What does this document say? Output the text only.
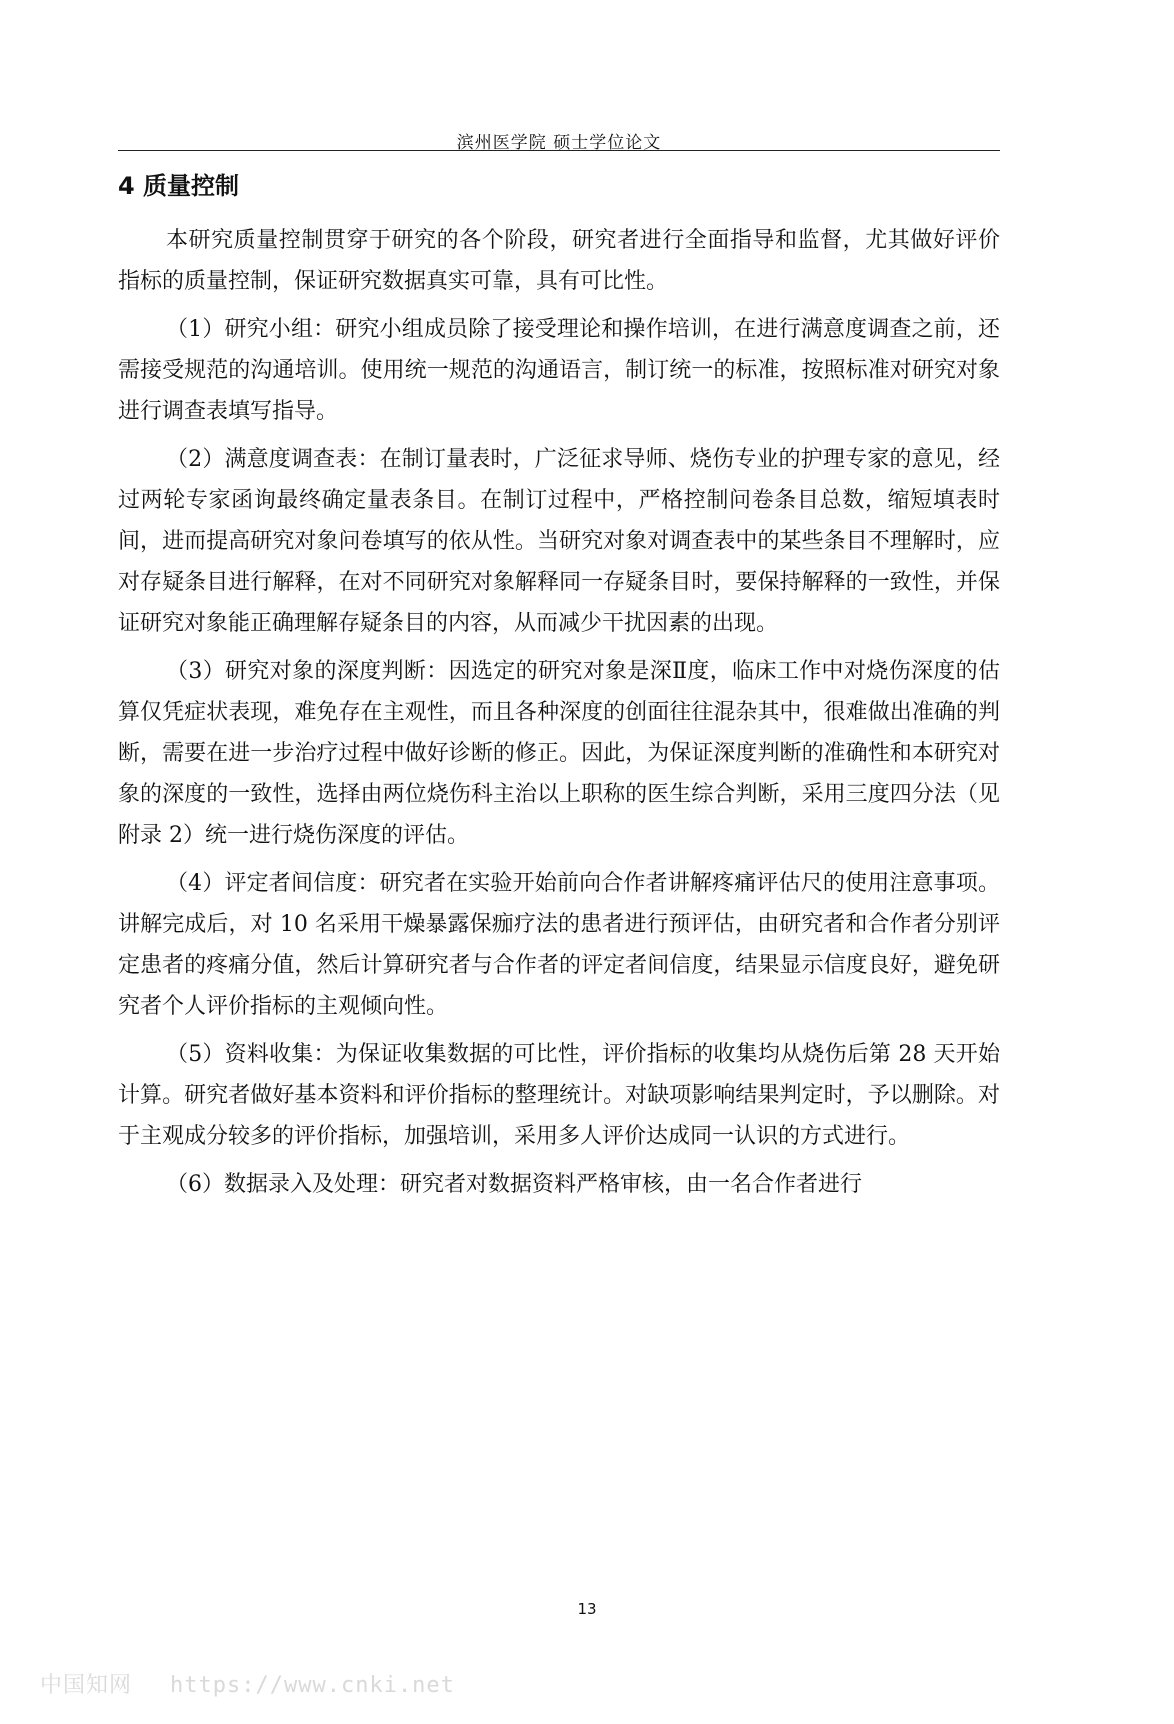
滨州医学院 硕士学位论文
4 质量控制

本研究质量控制贯穿于研究的各个阶段，研究者进行全面指导和监督，尤其做好评价指标的质量控制，保证研究数据真实可靠，具有可比性。

（1）研究小组：研究小组成员除了接受理论和操作培训，在进行满意度调查之前，还需接受规范的沟通培训。使用统一规范的沟通语言，制订统一的标准，按照标准对研究对象进行调查表填写指导。

（2）满意度调查表：在制订量表时，广泛征求导师、烧伤专业的护理专家的意见，经过两轮专家函询最终确定量表条目。在制订过程中，严格控制问卷条目总数，缩短填表时间，进而提高研究对象问卷填写的依从性。当研究对象对调查表中的某些条目不理解时，应对存疑条目进行解释，在对不同研究对象解释同一存疑条目时，要保持解释的一致性，并保证研究对象能正确理解存疑条目的内容，从而减少干扰因素的出现。

（3）研究对象的深度判断：因选定的研究对象是深Ⅱ度，临床工作中对烧伤深度的估算仅凭症状表现，难免存在主观性，而且各种深度的创面往往混杂其中，很难做出准确的判断，需要在进一步治疗过程中做好诊断的修正。因此，为保证深度判断的准确性和本研究对象的深度的一致性，选择由两位烧伤科主治以上职称的医生综合判断，采用三度四分法（见附录 2）统一进行烧伤深度的评估。

（4）评定者间信度：研究者在实验开始前向合作者讲解疼痛评估尺的使用注意事项。讲解完成后，对 10 名采用干燥暴露保痂疗法的患者进行预评估，由研究者和合作者分别评定患者的疼痛分值，然后计算研究者与合作者的评定者间信度，结果显示信度良好，避免研究者个人评价指标的主观倾向性。

（5）资料收集：为保证收集数据的可比性，评价指标的收集均从烧伤后第 28 天开始计算。研究者做好基本资料和评价指标的整理统计。对缺项影响结果判定时，予以删除。对于主观成分较多的评价指标，加强培训，采用多人评价达成同一认识的方式进行。

（6）数据录入及处理：研究者对数据资料严格审核，由一名合作者进行

13
中国知网 https://www.cnki.net
